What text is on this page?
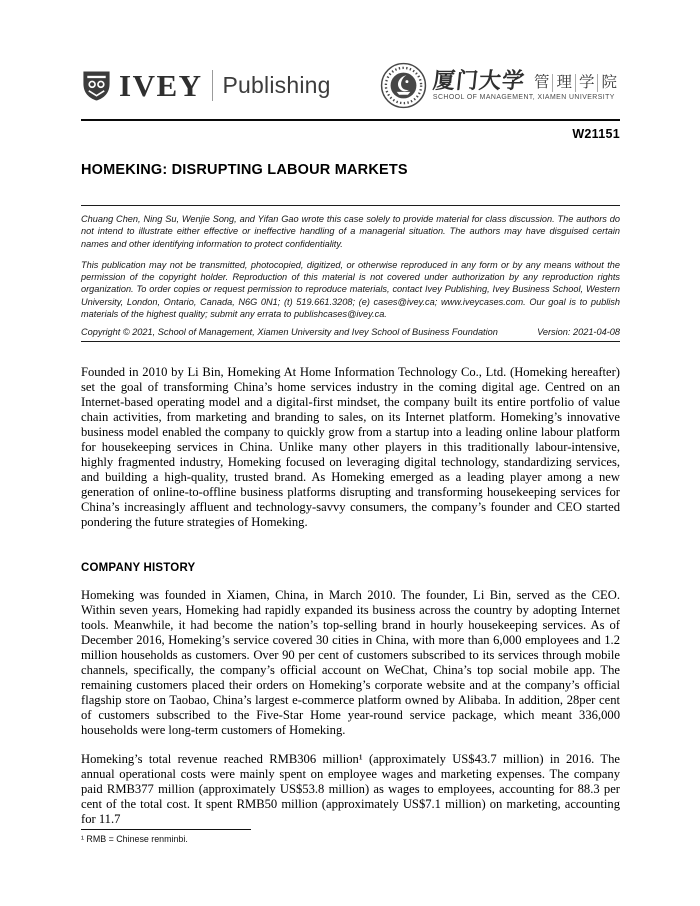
IVEY Publishing	厦门大学 管 理 学 院
SCHOOL OF MANAGEMENT, XIAMEN UNIVERSITY
W21151
HOMEKING: DISRUPTING LABOUR MARKETS

Chuang Chen, Ning Su, Wenjie Song, and Yifan Gao wrote this case solely to provide material for class discussion. The authors do not intend to illustrate either effective or ineffective handling of a managerial situation. The authors may have disguised certain names and other identifying information to protect confidentiality.

This publication may not be transmitted, photocopied, digitized, or otherwise reproduced in any form or by any means without the permission of the copyright holder. Reproduction of this material is not covered under authorization by any reproduction rights organization. To order copies or request permission to reproduce materials, contact Ivey Publishing, Ivey Business School, Western University, London, Ontario, Canada, N6G 0N1; (t) 519.661.3208; (e) cases@ivey.ca; www.iveycases.com. Our goal is to publish materials of the highest quality; submit any errata to publishcases@ivey.ca.

Copyright © 2021, School of Management, Xiamen University and Ivey School of Business Foundation	Version: 2021-04-08

Founded in 2010 by Li Bin, Homeking At Home Information Technology Co., Ltd. (Homeking hereafter) set the goal of transforming China’s home services industry in the coming digital age. Centred on an Internet-based operating model and a digital-first mindset, the company built its entire portfolio of value chain activities, from marketing and branding to sales, on its Internet platform. Homeking’s innovative business model enabled the company to quickly grow from a startup into a leading online labour platform for housekeeping services in China. Unlike many other players in this traditionally labour-intensive, highly fragmented industry, Homeking focused on leveraging digital technology, standardizing services, and building a high-quality, trusted brand. As Homeking emerged as a leading player among a new generation of online-to-offline business platforms disrupting and transforming housekeeping services for China’s increasingly affluent and technology-savvy consumers, the company’s founder and CEO started pondering the future strategies of Homeking.

COMPANY HISTORY

Homeking was founded in Xiamen, China, in March 2010. The founder, Li Bin, served as the CEO. Within seven years, Homeking had rapidly expanded its business across the country by adopting Internet tools. Meanwhile, it had become the nation’s top-selling brand in hourly housekeeping services. As of December 2016, Homeking’s service covered 30 cities in China, with more than 6,000 employees and 1.2 million households as customers. Over 90 per cent of customers subscribed to its services through mobile channels, specifically, the company’s official account on WeChat, China’s top social mobile app. The remaining customers placed their orders on Homeking’s corporate website and at the company’s official flagship store on Taobao, China’s largest e-commerce platform owned by Alibaba. In addition, 28per cent of customers subscribed to the Five-Star Home year-round service package, which meant 336,000 households were long-term customers of Homeking.

Homeking’s total revenue reached RMB306 million¹ (approximately US$43.7 million) in 2016. The annual operational costs were mainly spent on employee wages and marketing expenses. The company paid RMB377 million (approximately US$53.8 million) as wages to employees, accounting for 88.3 per cent of the total cost. It spent RMB50 million (approximately US$7.1 million) on marketing, accounting for 11.7

¹ RMB = Chinese renminbi.
